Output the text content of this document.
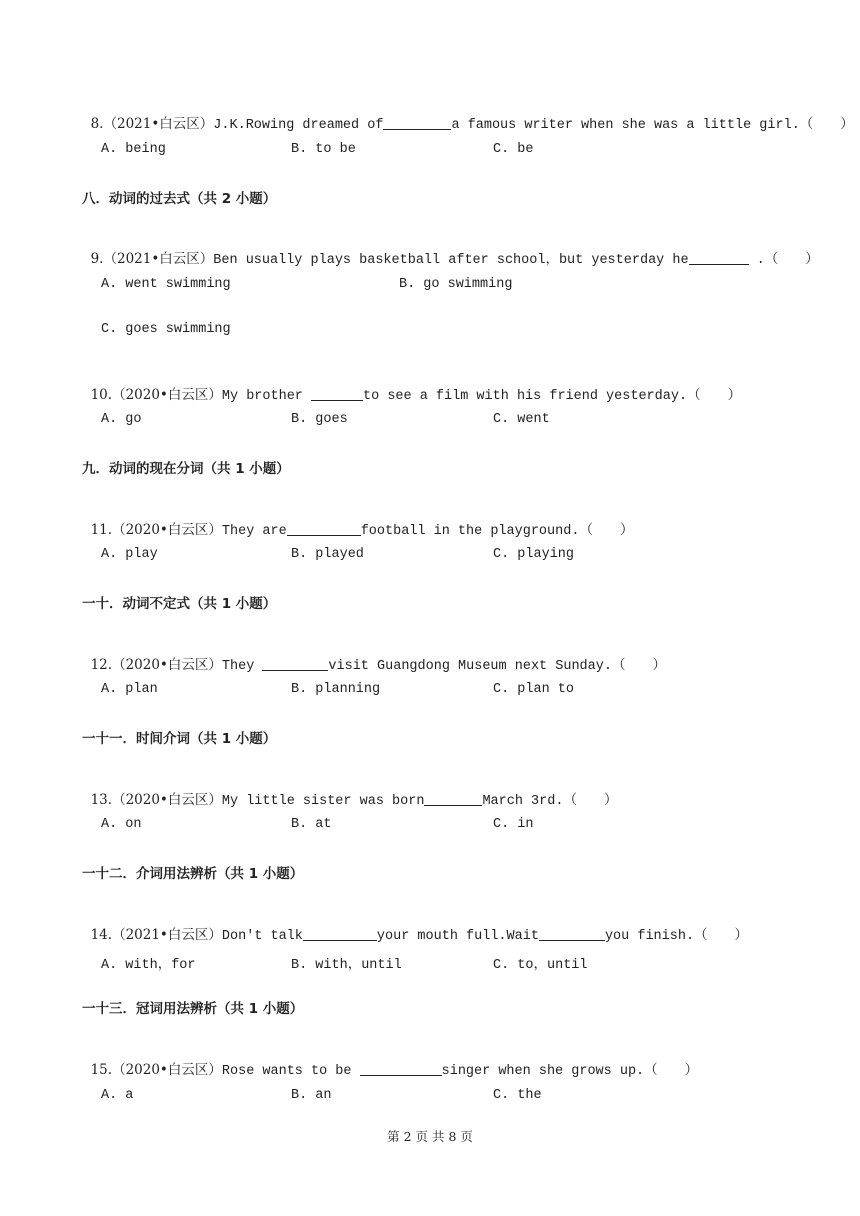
8.（2021•白云区）J.K.Rowing dreamed of	a famous writer when she was a little girl.（　　）

A. being	B. to be	C. be
八．动词的过去式（共 2 小题）

9.（2021•白云区）Ben usually plays basketball after school，but yesterday he	.（　　）

A. went swimming	B. go swimming
C. goes swimming

10.（2020•白云区）My brother	to see a film with his friend yesterday.（　　）

A. go	B. goes	C. went
九．动词的现在分词（共 1 小题）

11.（2020•白云区）They are	football in the playground.（　　）

A. play	B. played	C. playing
一十．动词不定式（共 1 小题）

12.（2020•白云区）They	visit Guangdong Museum next Sunday.（　　）

A. plan	B. planning	C. plan to
一十一．时间介词（共 1 小题）

13.（2020•白云区）My little sister was born	March 3rd.（　　）

A. on	B. at	C. in
一十二．介词用法辨析（共 1 小题）

14.（2021•白云区）Don't talk	your mouth full.Wait	you finish.（　　）

A. with，for	B. with，until	C. to，until
一十三．冠词用法辨析（共 1 小题）

15.（2020•白云区）Rose wants to be	singer when she grows up.（　　）

A. a	B. an	C. the
第 2 页 共 8 页
